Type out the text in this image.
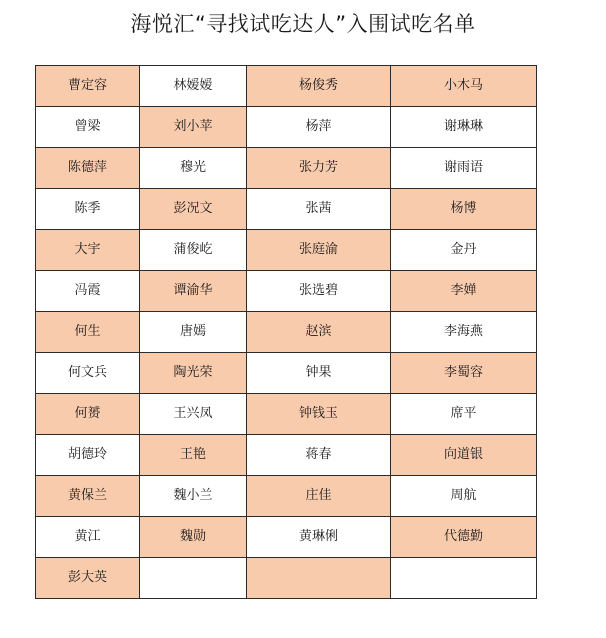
海悦汇“寻找试吃达人”入围试吃名单
曹定容	林嫒嫒	杨俊秀	小木马
曾梁	刘小苹	杨萍	谢琳琳
陈德萍	穆光	张力芳	谢雨语
陈季	彭况文	张茜	杨博
大宇	蒲俊屹	张庭渝	金丹
冯霞	谭渝华	张选碧	李婵
何生	唐嫣	赵滨	李海燕
何文兵	陶光荣	钟果	李蜀容
何赟	王兴凤	钟钱玉	席平
胡德玲	王艳	蒋春	向道银
黄保兰	魏小兰	庄佳	周航
黄江	魏勋	黄琳俐	代德勤
彭大英			
